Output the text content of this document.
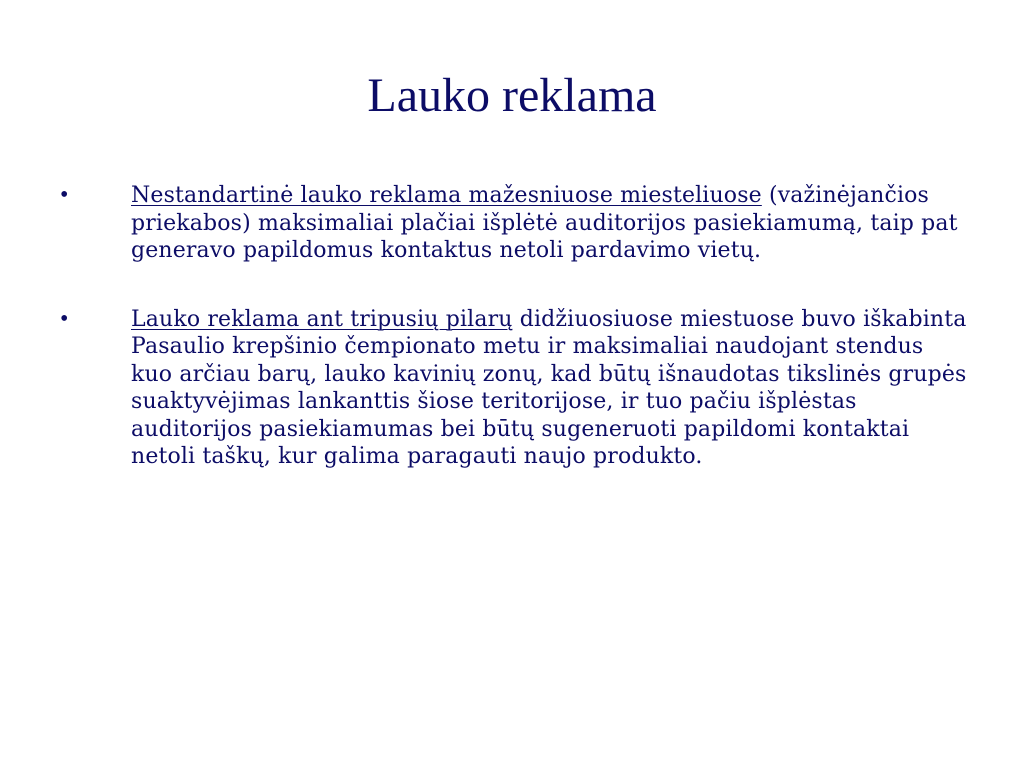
Lauko reklama
•	Nestandartinė lauko reklama mažesniuose miesteliuose (važinėjančios priekabos) maksimaliai plačiai išplėtė auditorijos pasiekiamumą, taip pat generavo papildomus kontaktus netoli pardavimo vietų.
•	Lauko reklama ant tripusių pilarų didžiuosiuose miestuose buvo iškabinta Pasaulio krepšinio čempionato metu ir maksimaliai naudojant stendus kuo arčiau barų, lauko kavinių zonų, kad būtų išnaudotas tikslinės grupės suaktyvėjimas lankanttis šiose teritorijose, ir tuo pačiu išplėstas auditorijos pasiekiamumas bei būtų sugeneruoti papildomi kontaktai netoli taškų, kur galima paragauti naujo produkto.
